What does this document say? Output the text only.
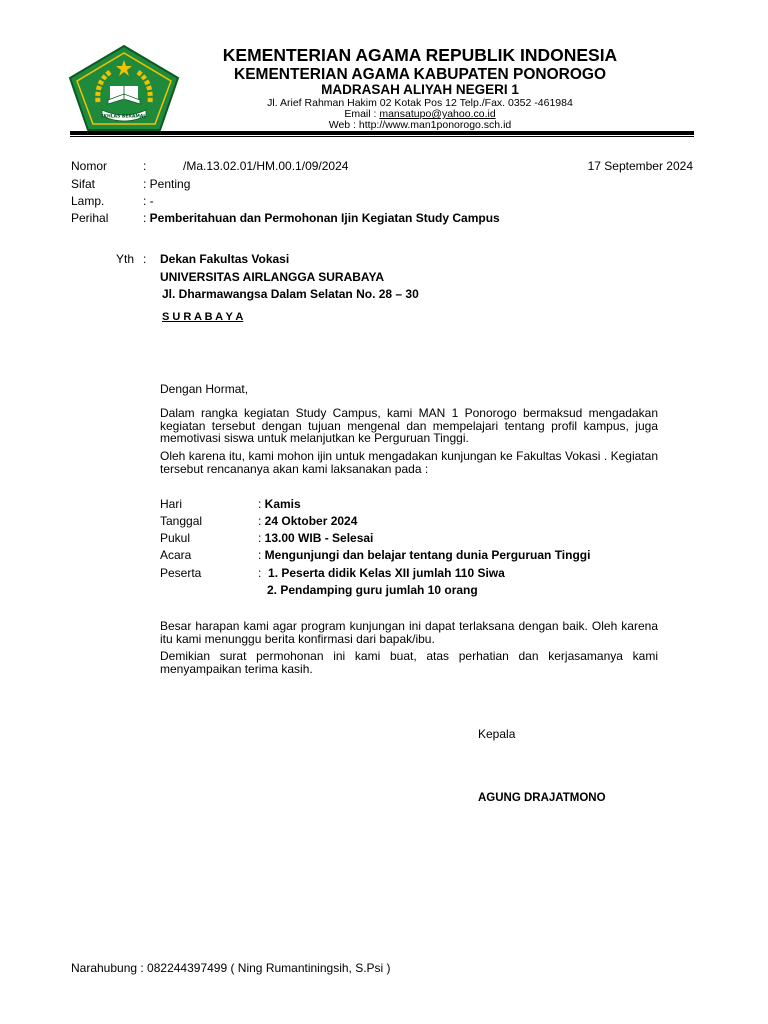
IKHLAS BERAMAL
KEMENTERIAN AGAMA REPUBLIK INDONESIA
KEMENTERIAN AGAMA KABUPATEN PONOROGO
MADRASAH ALIYAH NEGERI 1
Jl. Arief Rahman Hakim 02 Kotak Pos 12 Telp./Fax. 0352 -461984
Email : mansatupo@yahoo.co.id
Web : http://www.man1ponorogo.sch.id
Nomor	:	/Ma.13.02.01/HM.00.1/09/2024	17 September 2024
Sifat	: Penting
Lamp.	: -
Perihal	: Pemberitahuan dan Permohonan Ijin Kegiatan Study Campus
Yth : Dekan Fakultas Vokasi
UNIVERSITAS AIRLANGGA SURABAYA
Jl. Dharmawangsa Dalam Selatan No. 28 – 30
S U R A B A Y A
Dengan Hormat,
Dalam rangka kegiatan Study Campus, kami MAN 1 Ponorogo bermaksud mengadakan kegiatan tersebut dengan tujuan mengenal dan mempelajari tentang profil kampus, juga memotivasi siswa untuk melanjutkan ke Perguruan Tinggi.
Oleh karena itu, kami mohon ijin untuk mengadakan kunjungan ke Fakultas Vokasi . Kegiatan tersebut rencananya akan kami laksanakan pada :
Hari	: Kamis
Tanggal	: 24 Oktober 2024
Pukul	: 13.00 WIB - Selesai
Acara	: Mengunjungi dan belajar tentang dunia Perguruan Tinggi
Peserta	:  1. Peserta didik Kelas XII jumlah 110 Siwa
2. Pendamping guru jumlah 10 orang
Besar harapan kami agar program kunjungan ini dapat terlaksana dengan baik. Oleh karena itu kami menunggu berita konfirmasi dari bapak/ibu.
Demikian surat permohonan ini kami buat, atas perhatian dan kerjasamanya kami menyampaikan terima kasih.
Kepala
AGUNG DRAJATMONO
Narahubung : 082244397499 ( Ning Rumantiningsih, S.Psi )
